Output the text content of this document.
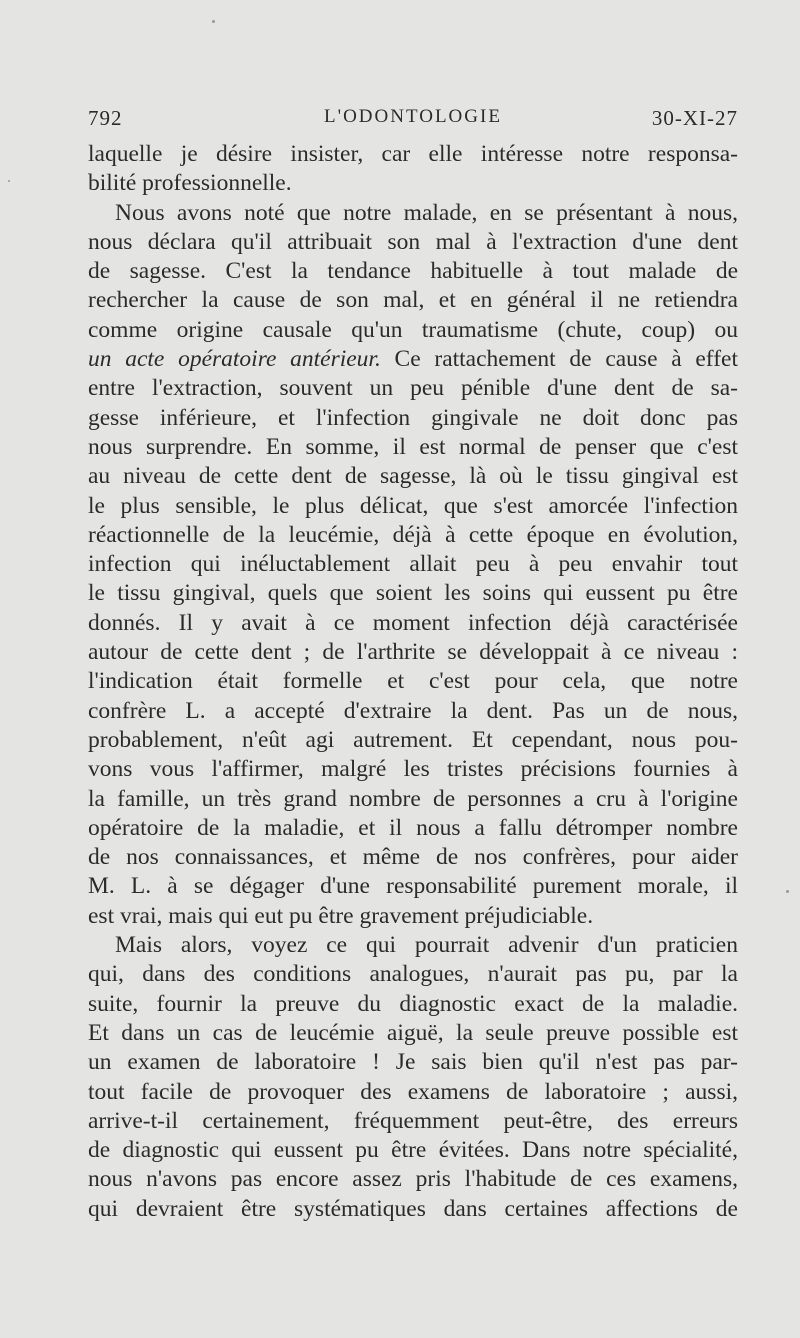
792	L'ODONTOLOGIE	30-XI-27

laquelle je désire insister, car elle intéresse notre responsa-

bilité professionnelle.

Nous avons noté que notre malade, en se présentant à nous,

nous déclara qu'il attribuait son mal à l'extraction d'une dent

de sagesse. C'est la tendance habituelle à tout malade de

rechercher la cause de son mal, et en général il ne retiendra

comme origine causale qu'un traumatisme (chute, coup) ou

un acte opératoire antérieur. Ce rattachement de cause à effet

entre l'extraction, souvent un peu pénible d'une dent de sa-

gesse inférieure, et l'infection gingivale ne doit donc pas

nous surprendre. En somme, il est normal de penser que c'est

au niveau de cette dent de sagesse, là où le tissu gingival est

le plus sensible, le plus délicat, que s'est amorcée l'infection

réactionnelle de la leucémie, déjà à cette époque en évolution,

infection qui inéluctablement allait peu à peu envahir tout

le tissu gingival, quels que soient les soins qui eussent pu être

donnés. Il y avait à ce moment infection déjà caractérisée

autour de cette dent ; de l'arthrite se développait à ce niveau :

l'indication était formelle et c'est pour cela, que notre

confrère L. a accepté d'extraire la dent. Pas un de nous,

probablement, n'eût agi autrement. Et cependant, nous pou-

vons vous l'affirmer, malgré les tristes précisions fournies à

la famille, un très grand nombre de personnes a cru à l'origine

opératoire de la maladie, et il nous a fallu détromper nombre

de nos connaissances, et même de nos confrères, pour aider

M. L. à se dégager d'une responsabilité purement morale, il

est vrai, mais qui eut pu être gravement préjudiciable.

Mais alors, voyez ce qui pourrait advenir d'un praticien

qui, dans des conditions analogues, n'aurait pas pu, par la

suite, fournir la preuve du diagnostic exact de la maladie.

Et dans un cas de leucémie aiguë, la seule preuve possible est

un examen de laboratoire ! Je sais bien qu'il n'est pas par-

tout facile de provoquer des examens de laboratoire ; aussi,

arrive-t-il certainement, fréquemment peut-être, des erreurs

de diagnostic qui eussent pu être évitées. Dans notre spécialité,

nous n'avons pas encore assez pris l'habitude de ces examens,

qui devraient être systématiques dans certaines affections de
